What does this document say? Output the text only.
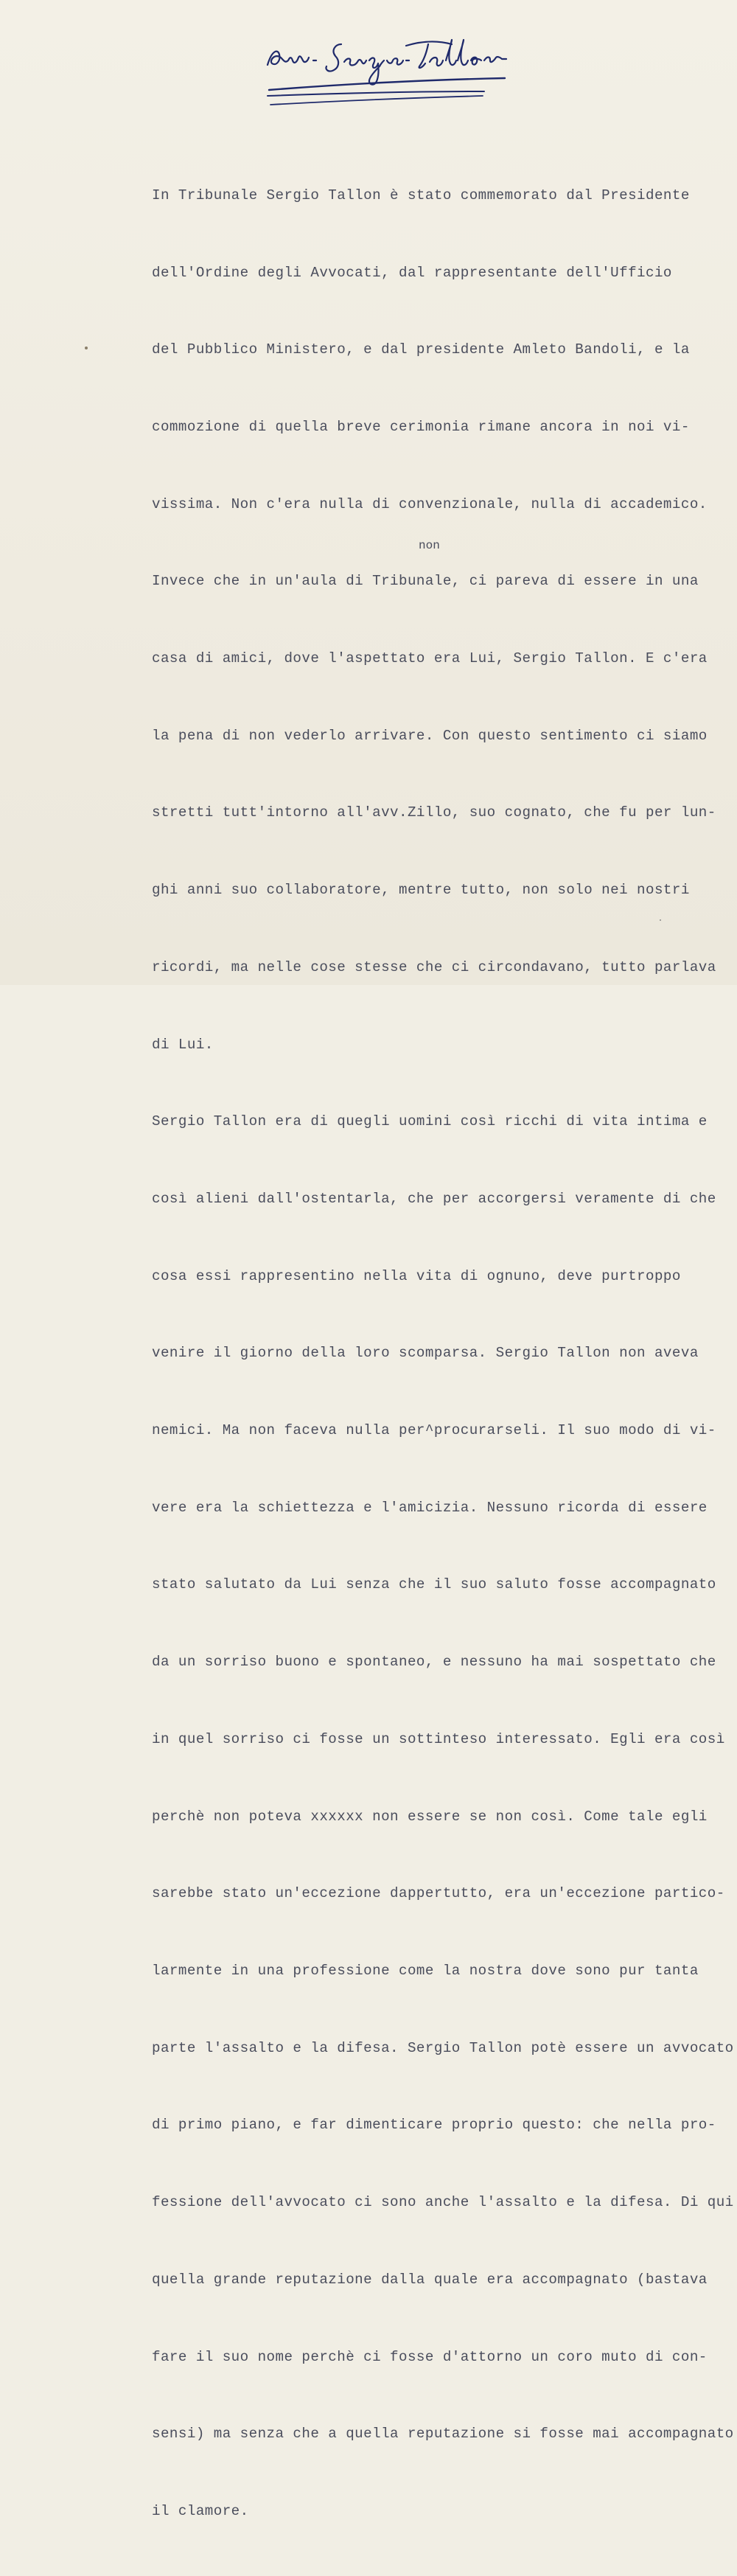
non

In Tribunale Sergio Tallon è stato commemorato dal Presidente

dell'Ordine degli Avvocati, dal rappresentante dell'Ufficio

del Pubblico Ministero, e dal presidente Amleto Bandoli, e la

commozione di quella breve cerimonia rimane ancora in noi vi-

vissima. Non c'era nulla di convenzionale, nulla di accademico.

Invece che in un'aula di Tribunale, ci pareva di essere in una

casa di amici, dove l'aspettato era Lui, Sergio Tallon. E c'era

la pena di non vederlo arrivare. Con questo sentimento ci siamo

stretti tutt'intorno all'avv.Zillo, suo cognato, che fu per lun-

ghi anni suo collaboratore, mentre tutto, non solo nei nostri

ricordi, ma nelle cose stesse che ci circondavano, tutto parlava

di Lui.

Sergio Tallon era di quegli uomini così ricchi di vita intima e

così alieni dall'ostentarla, che per accorgersi veramente di che

cosa essi rappresentino nella vita di ognuno, deve purtroppo

venire il giorno della loro scomparsa. Sergio Tallon non aveva

nemici. Ma non faceva nulla per^procurarseli. Il suo modo di vi-

vere era la schiettezza e l'amicizia. Nessuno ricorda di essere

stato salutato da Lui senza che il suo saluto fosse accompagnato

da un sorriso buono e spontaneo, e nessuno ha mai sospettato che

in quel sorriso ci fosse un sottinteso interessato. Egli era così

perchè non poteva xxxxxx non essere se non così. Come tale egli

sarebbe stato un'eccezione dappertutto, era un'eccezione partico-

larmente in una professione come la nostra dove sono pur tanta

parte l'assalto e la difesa. Sergio Tallon potè essere un avvocato

di primo piano, e far dimenticare proprio questo: che nella pro-

fessione dell'avvocato ci sono anche l'assalto e la difesa. Di qui

quella grande reputazione dalla quale era accompagnato (bastava

fare il suo nome perchè ci fosse d'attorno un coro muto di con-

sensi) ma senza che a quella reputazione si fosse mai accompagnato

il clamore.
